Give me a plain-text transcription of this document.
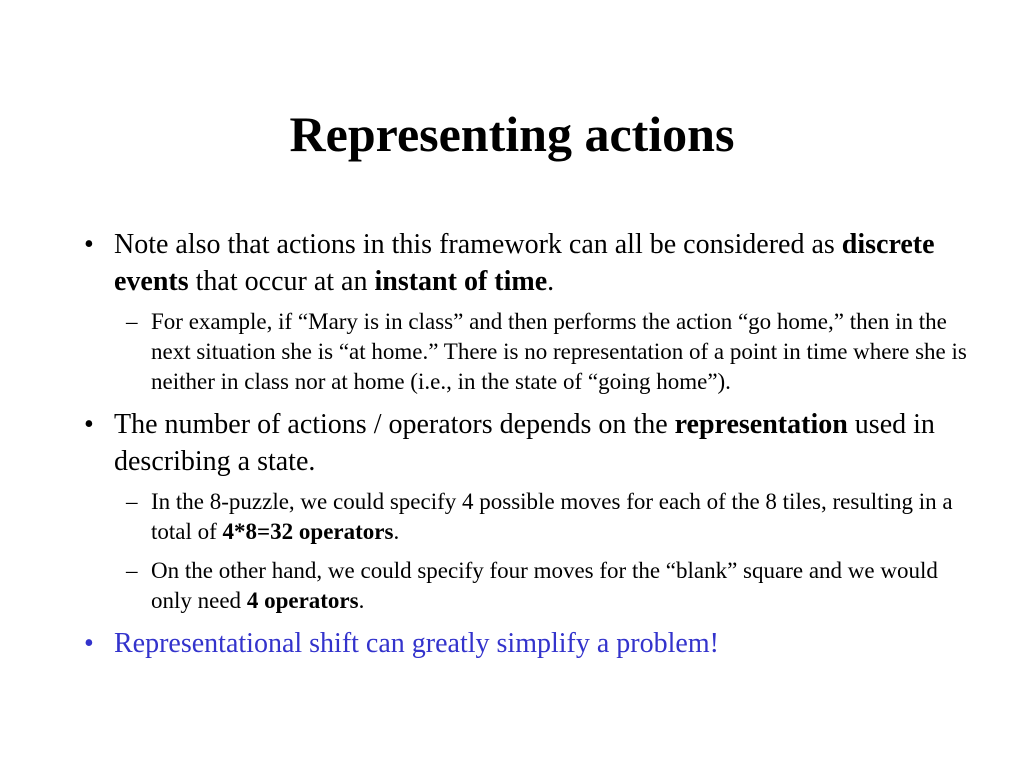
Representing actions

• Note also that actions in this framework can all be considered as discrete events that occur at an instant of time.

– For example, if “Mary is in class” and then performs the action “go home,” then in the next situation she is “at home.” There is no representation of a point in time where she is neither in class nor at home (i.e., in the state of “going home”).

• The number of actions / operators depends on the representation used in describing a state.

– In the 8-puzzle, we could specify 4 possible moves for each of the 8 tiles, resulting in a total of 4*8=32 operators.

– On the other hand, we could specify four moves for the “blank” square and we would only need 4 operators.

• Representational shift can greatly simplify a problem!
